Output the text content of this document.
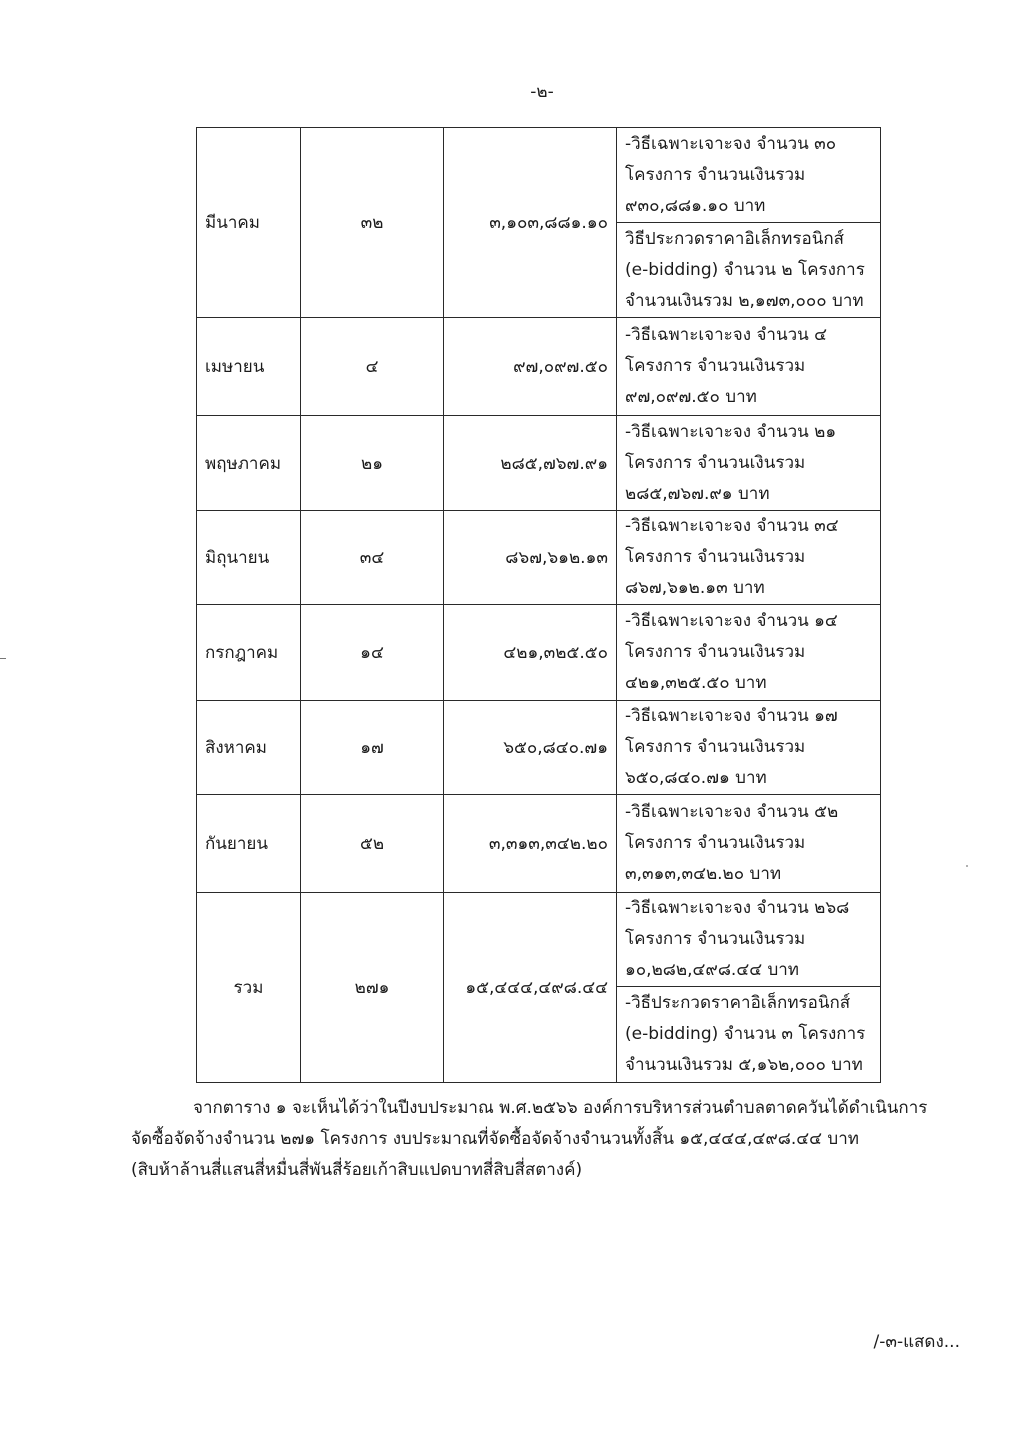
-๒-
มีนาคม	๓๒	๓,๑๐๓,๘๘๑.๑๐	-วิธีเฉพาะเจาะจง จำนวน ๓๐
โครงการ จำนวนเงินรวม
๙๓๐,๘๘๑.๑๐ บาท

			วิธีประกวดราคาอิเล็กทรอนิกส์
(e-bidding) จำนวน ๒ โครงการ
จำนวนเงินรวม ๒,๑๗๓,๐๐๐ บาท

เมษายน	๔	๙๗,๐๙๗.๕๐	-วิธีเฉพาะเจาะจง จำนวน ๔
โครงการ จำนวนเงินรวม
๙๗,๐๙๗.๕๐ บาท

พฤษภาคม	๒๑	๒๘๕,๗๖๗.๙๑	-วิธีเฉพาะเจาะจง จำนวน ๒๑
โครงการ จำนวนเงินรวม
๒๘๕,๗๖๗.๙๑ บาท

มิถุนายน	๓๔	๘๖๗,๖๑๒.๑๓	-วิธีเฉพาะเจาะจง จำนวน ๓๔
โครงการ จำนวนเงินรวม
๘๖๗,๖๑๒.๑๓ บาท

กรกฎาคม	๑๔	๔๒๑,๓๒๕.๕๐	-วิธีเฉพาะเจาะจง จำนวน ๑๔
โครงการ จำนวนเงินรวม
๔๒๑,๓๒๕.๕๐ บาท

สิงหาคม	๑๗	๖๕๐,๘๔๐.๗๑	-วิธีเฉพาะเจาะจง จำนวน ๑๗
โครงการ จำนวนเงินรวม
๖๕๐,๘๔๐.๗๑ บาท

กันยายน	๕๒	๓,๓๑๓,๓๔๒.๒๐	-วิธีเฉพาะเจาะจง จำนวน ๕๒
โครงการ จำนวนเงินรวม
๓,๓๑๓,๓๔๒.๒๐ บาท

รวม	๒๗๑	๑๕,๔๔๔,๔๙๘.๔๔	-วิธีเฉพาะเจาะจง จำนวน ๒๖๘
โครงการ จำนวนเงินรวม
๑๐,๒๘๒,๔๙๘.๔๔ บาท

			-วิธีประกวดราคาอิเล็กทรอนิกส์
(e-bidding) จำนวน ๓ โครงการ
จำนวนเงินรวม ๕,๑๖๒,๐๐๐ บาท

จากตาราง ๑ จะเห็นได้ว่าในปีงบประมาณ พ.ศ.๒๕๖๖ องค์การบริหารส่วนตำบลตาดควันได้ดำเนินการ

จัดซื้อจัดจ้างจำนวน ๒๗๑ โครงการ งบประมาณที่จัดซื้อจัดจ้างจำนวนทั้งสิ้น ๑๕,๔๔๔,๔๙๘.๔๔ บาท

(สิบห้าล้านสี่แสนสี่หมื่นสี่พันสี่ร้อยเก้าสิบแปดบาทสี่สิบสี่สตางค์)

/-๓-แสดง...
